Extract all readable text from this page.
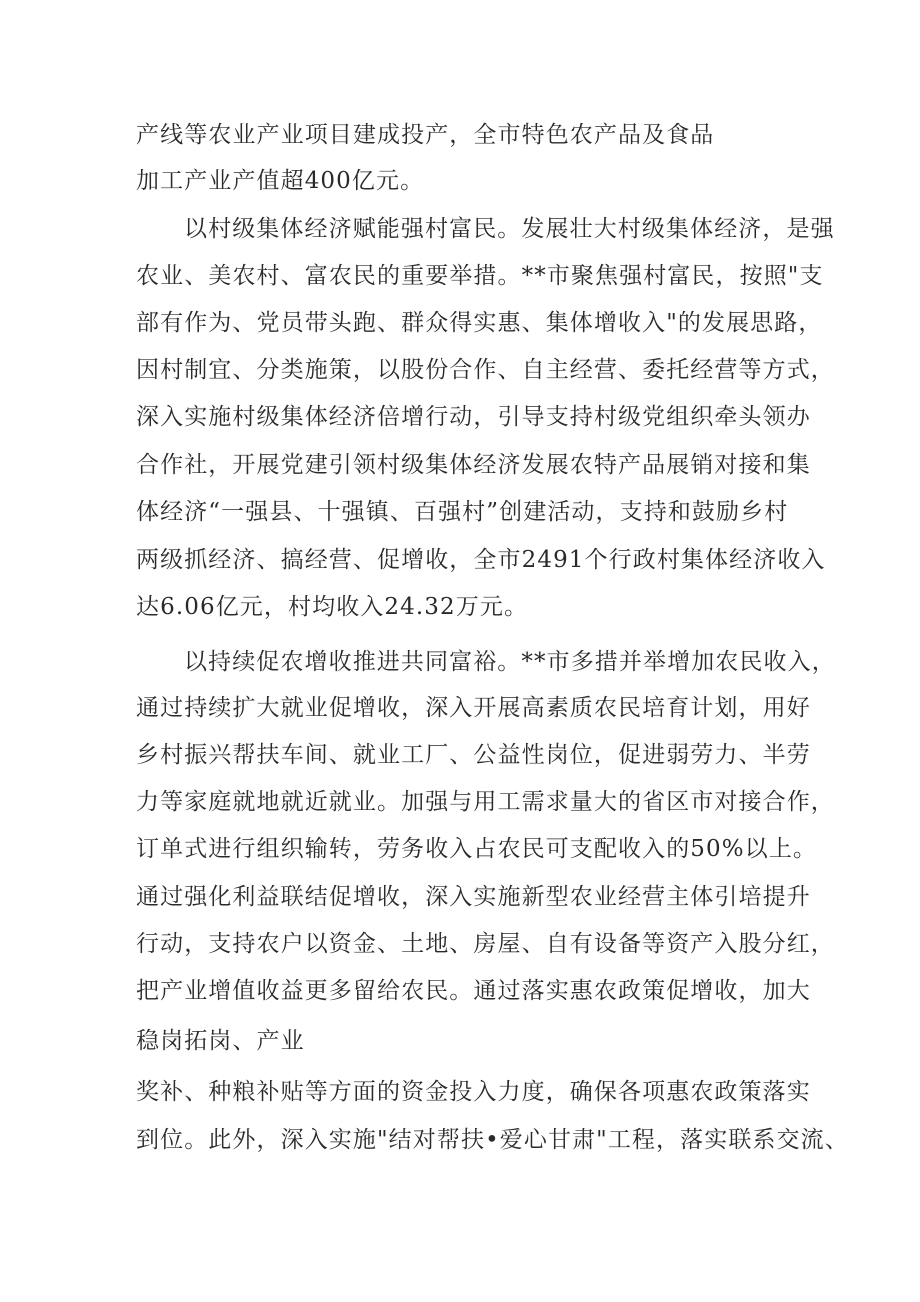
产线等农业产业项目建成投产，全市特色农产品及食品
加工产业产值超400亿元。
以村级集体经济赋能强村富民。发展壮大村级集体经济，是强
农业、美农村、富农民的重要举措。**市聚焦强村富民，按照"支
部有作为、党员带头跑、群众得实惠、集体增收入"的发展思路，
因村制宜、分类施策，以股份合作、自主经营、委托经营等方式，
深入实施村级集体经济倍增行动，引导支持村级党组织牵头领办
合作社，开展党建引领村级集体经济发展农特产品展销对接和集
体经济“一强县、十强镇、百强村”创建活动，支持和鼓励乡村
两级抓经济、搞经营、促增收，全市2491个行政村集体经济收入
达6.06亿元，村均收入24.32万元。
以持续促农增收推进共同富裕。**市多措并举增加农民收入，
通过持续扩大就业促增收，深入开展高素质农民培育计划，用好
乡村振兴帮扶车间、就业工厂、公益性岗位，促进弱劳力、半劳
力等家庭就地就近就业。加强与用工需求量大的省区市对接合作，
订单式进行组织输转，劳务收入占农民可支配收入的50%以上。
通过强化利益联结促增收，深入实施新型农业经营主体引培提升
行动，支持农户以资金、土地、房屋、自有设备等资产入股分红，
把产业增值收益更多留给农民。通过落实惠农政策促增收，加大
稳岗拓岗、产业
奖补、种粮补贴等方面的资金投入力度，确保各项惠农政策落实
到位。此外，深入实施"结对帮扶•爱心甘肃"工程，落实联系交流、
